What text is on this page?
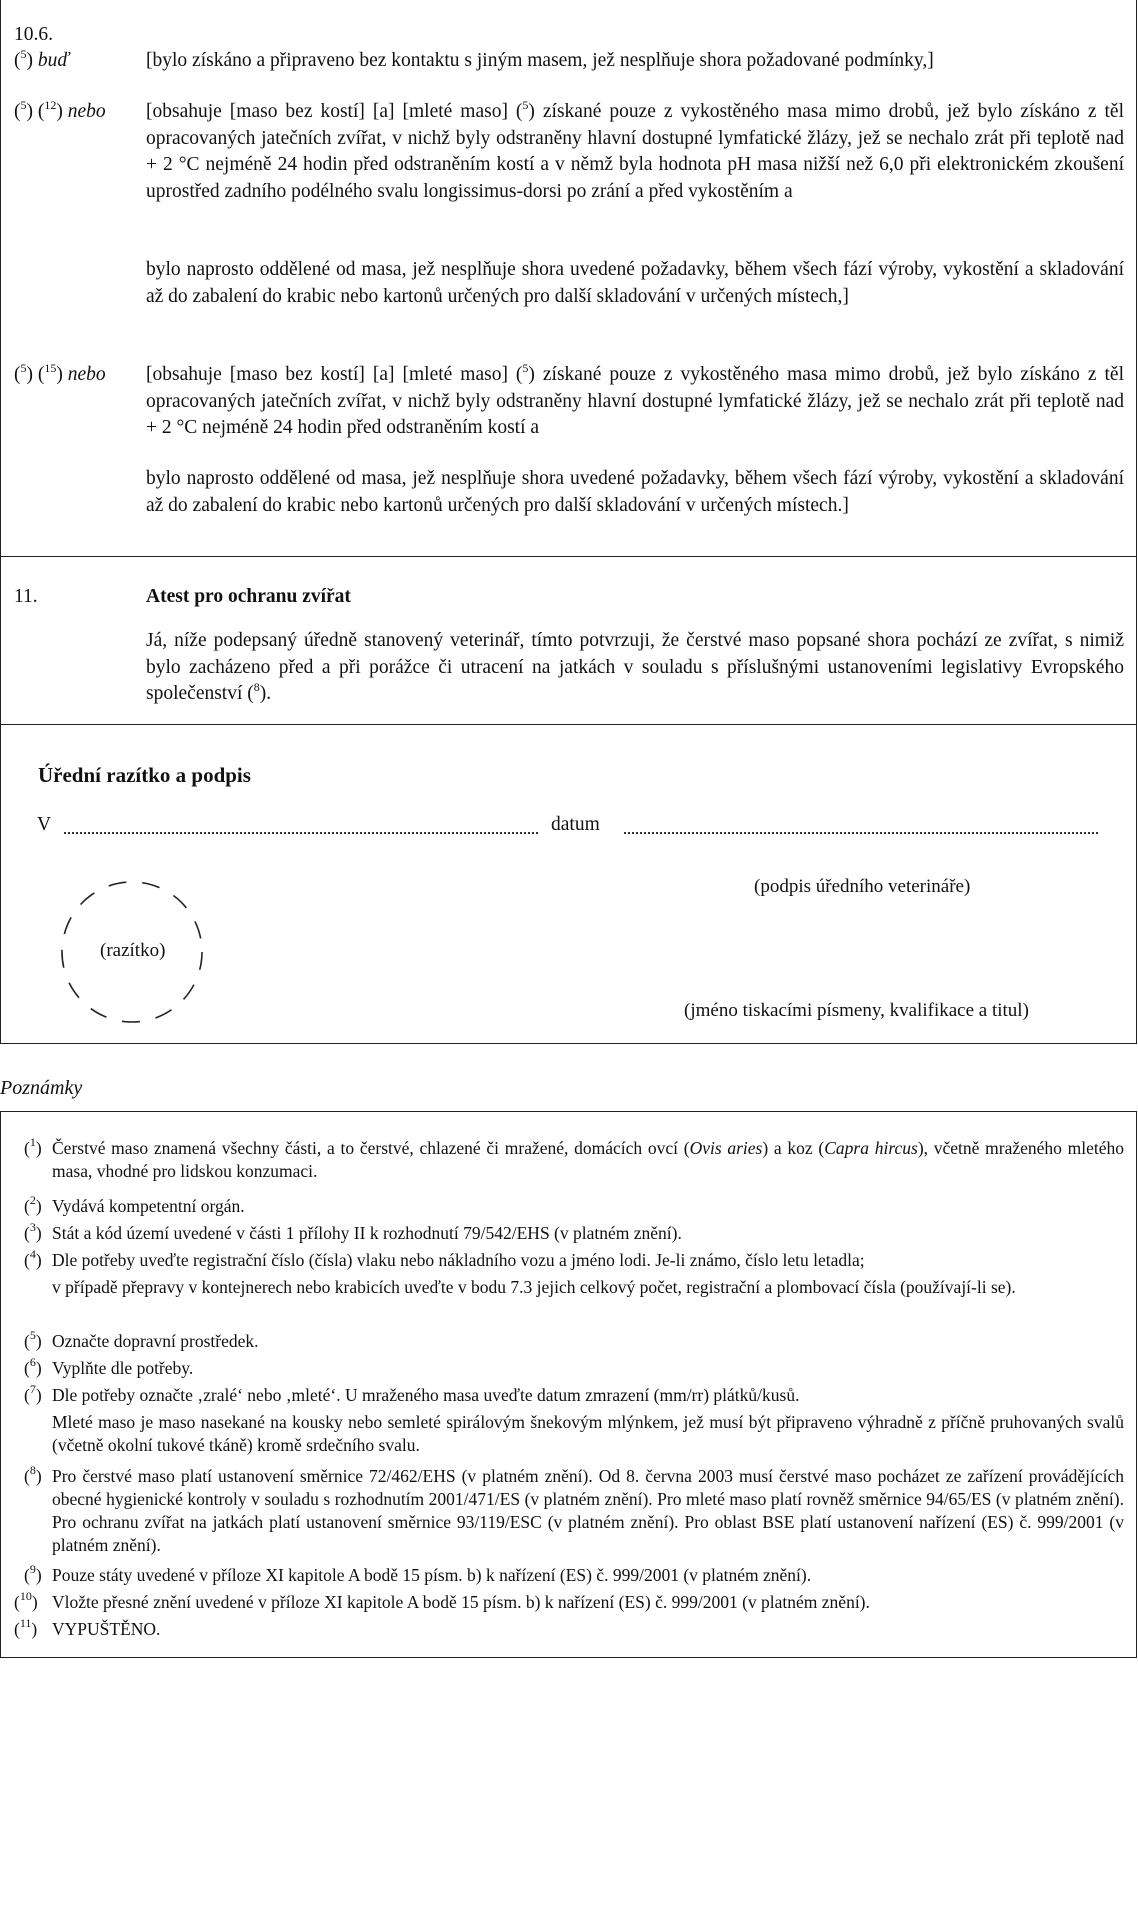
10.6.
($^5$) buď	[bylo získáno a připraveno bez kontaktu s jiným masem, jež nesplňuje shora požadované podmínky,]
($^5$) ($^{12}$) nebo [obsahuje [maso bez kostí] [a] [mleté maso] ($^5$) získané pouze z vykostěného masa mimo drobů, jež bylo získáno z těl opracovaných jatečních zvířat, v nichž byly odstraněny hlavní dostupné lymfatické žlázy, jež se nechalo zrát při teplotě nad + 2 °C nejméně 24 hodin před odstraněním kostí a v němž byla hodnota pH masa nižší než 6,0 při elektronickém zkoušení uprostřed zadního podélného svalu longissimus-dorsi po zrání a před vykostěním a
bylo naprosto oddělené od masa, jež nesplňuje shora uvedené požadavky, během všech fází výroby, vykostění a skladování až do zabalení do krabic nebo kartonů určených pro další skladování v určených místech,]
($^5$) ($^{15}$) nebo [obsahuje [maso bez kostí] [a] [mleté maso] ($^5$) získané pouze z vykostěného masa mimo drobů, jež bylo získáno z těl opracovaných jatečních zvířat, v nichž byly odstraněny hlavní dostupné lymfatické žlázy, jež se nechalo zrát při teplotě nad + 2 °C nejméně 24 hodin před odstraněním kostí a
bylo naprosto oddělené od masa, jež nesplňuje shora uvedené požadavky, během všech fází výroby, vykostění a skladování až do zabalení do krabic nebo kartonů určených pro další skladování v určených místech.]
11.	Atest pro ochranu zvířat
Já, níže podepsaný úředně stanovený veterinář, tímto potvrzuji, že čerstvé maso popsané shora pochází ze zvířat, s nimiž bylo zacházeno před a při porážce či utracení na jatkách v souladu s příslušnými ustanoveními legislativy Evropského společenství ($^8$).
Úřední razítko a podpis
V	datum
(razítko)
(podpis úředního veterináře)
(jméno tiskacími písmeny, kvalifikace a titul)
Poznámky
($^1$) Čerstvé maso znamená všechny části, a to čerstvé, chlazené či mražené, domácích ovcí (Ovis aries) a koz (Capra hircus), včetně mraženého mletého masa, vhodné pro lidskou konzumaci.
($^2$) Vydává kompetentní orgán.
($^3$) Stát a kód území uvedené v části 1 přílohy II k rozhodnutí 79/542/EHS (v platném znění).
($^4$) Dle potřeby uveďte registrační číslo (čísla) vlaku nebo nákladního vozu a jméno lodi. Je-li známo, číslo letu letadla;
v případě přepravy v kontejnerech nebo krabicích uveďte v bodu 7.3 jejich celkový počet, registrační a plombovací čísla (používají-li se).
($^5$) Označte dopravní prostředek.
($^6$) Vyplňte dle potřeby.
($^7$) Dle potřeby označte ‚zralé‘ nebo ‚mleté‘. U mraženého masa uveďte datum zmrazení (mm/rr) plátků/kusů.
Mleté maso je maso nasekané na kousky nebo semleté spirálovým šnekovým mlýnkem, jež musí být připraveno výhradně z příčně pruhovaných svalů (včetně okolní tukové tkáně) kromě srdečního svalu.
($^8$) Pro čerstvé maso platí ustanovení směrnice 72/462/EHS (v platném znění). Od 8. června 2003 musí čerstvé maso pocházet ze zařízení provádějících obecné hygienické kontroly v souladu s rozhodnutím 2001/471/ES (v platném znění). Pro mleté maso platí rovněž směrnice 94/65/ES (v platném znění). Pro ochranu zvířat na jatkách platí ustanovení směrnice 93/119/ESC (v platném znění). Pro oblast BSE platí ustanovení nařízení (ES) č. 999/2001 (v platném znění).
($^9$) Pouze státy uvedené v příloze XI kapitole A bodě 15 písm. b) k nařízení (ES) č. 999/2001 (v platném znění).
($^{10}$) Vložte přesné znění uvedené v příloze XI kapitole A bodě 15 písm. b) k nařízení (ES) č. 999/2001 (v platném znění).
($^{11}$) VYPUŠTĚNO.
